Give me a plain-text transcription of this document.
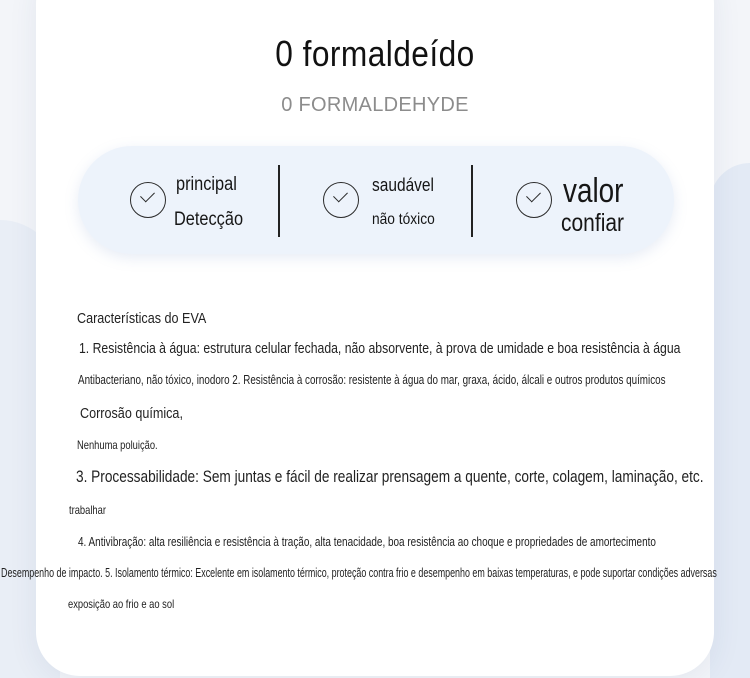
0 formaldeído
0 FORMALDEHYDE
principal
Detecção
saudável
não tóxico
valor
confiar
Características do EVA
1. Resistência à água: estrutura celular fechada, não absorvente, à prova de umidade e boa resistência à água
Antibacteriano, não tóxico, inodoro 2. Resistência à corrosão: resistente à água do mar, graxa, ácido, álcali e outros produtos químicos
Corrosão química,
Nenhuma poluição.
3. Processabilidade: Sem juntas e fácil de realizar prensagem a quente, corte, colagem, laminação, etc.
trabalhar
4. Antivibração: alta resiliência e resistência à tração, alta tenacidade, boa resistência ao choque e propriedades de amortecimento
Desempenho de impacto. 5. Isolamento térmico: Excelente em isolamento térmico, proteção contra frio e desempenho em baixas temperaturas, e pode suportar condições adversas
exposição ao frio e ao sol
